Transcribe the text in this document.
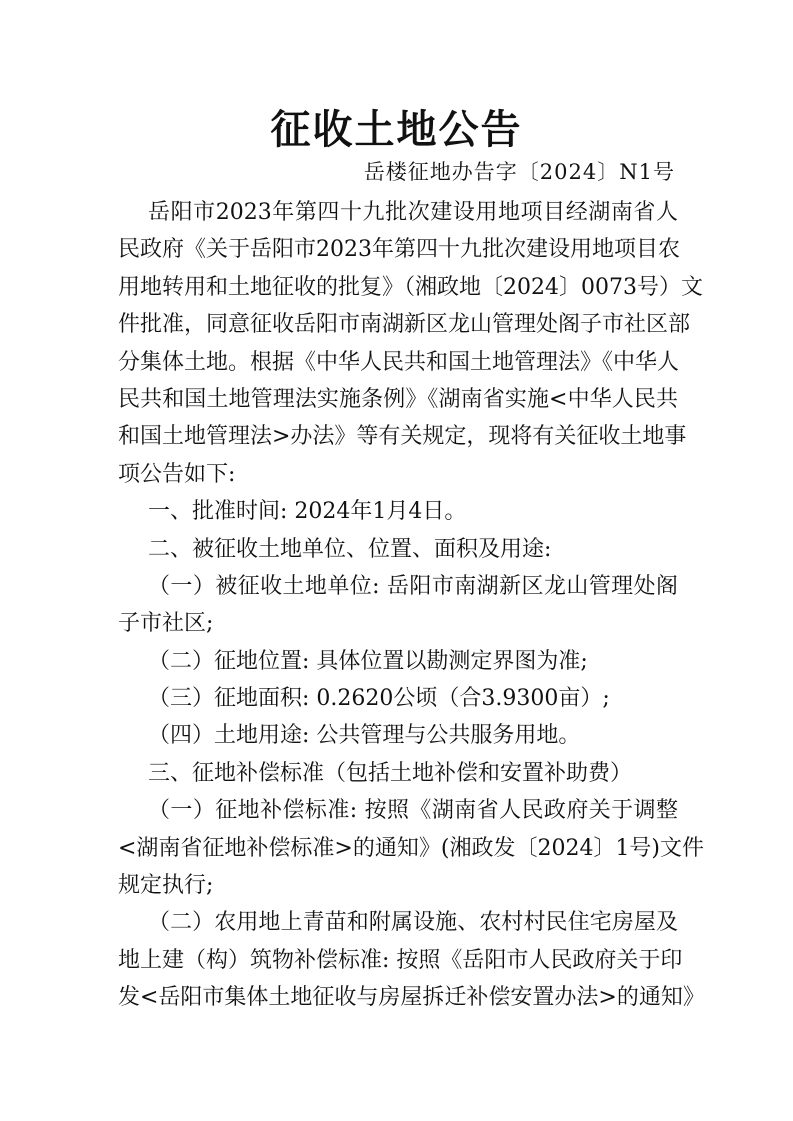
征收土地公告
岳楼征地办告字〔2024〕N1号
岳阳市2023年第四十九批次建设用地项目经湖南省人
民政府《关于岳阳市2023年第四十九批次建设用地项目农
用地转用和土地征收的批复》（湘政地〔2024〕0073号）文
件批准，同意征收岳阳市南湖新区龙山管理处阁子市社区部
分集体土地。根据《中华人民共和国土地管理法》《中华人
民共和国土地管理法实施条例》《湖南省实施<中华人民共
和国土地管理法>办法》等有关规定，现将有关征收土地事
项公告如下:
一、批准时间: 2024年1月4日。
二、被征收土地单位、位置、面积及用途:
（一）被征收土地单位: 岳阳市南湖新区龙山管理处阁
子市社区;
（二）征地位置: 具体位置以勘测定界图为准;
（三）征地面积: 0.2620公顷（合3.9300亩）;
（四）土地用途: 公共管理与公共服务用地。
三、征地补偿标准（包括土地补偿和安置补助费）
（一）征地补偿标准: 按照《湖南省人民政府关于调整
<湖南省征地补偿标准>的通知》(湘政发〔2024〕1号)文件
规定执行;
（二）农用地上青苗和附属设施、农村村民住宅房屋及
地上建（构）筑物补偿标准: 按照《岳阳市人民政府关于印
发<岳阳市集体土地征收与房屋拆迁补偿安置办法>的通知》
